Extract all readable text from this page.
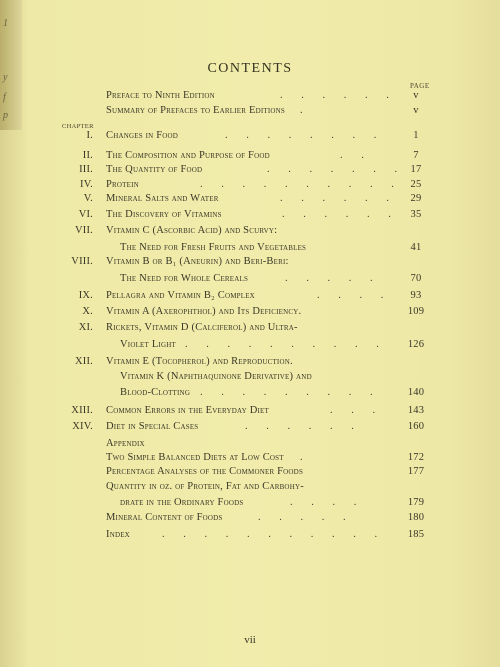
1
y
f
p
CONTENTS
PAGE
CHAPTER
Preface to Ninth Edition	. . . . . .	v
Summary of Prefaces to Earlier Editions .	v
I. Changes in Food	. . . . . . . .	1
II. The Composition and Purpose of Food	. .	7
III. The Quantity of Food	. . . . . . . 17
IV. Protein	. . . . . . . . . . 25
V. Mineral Salts and Water	. . . . . .	29
VI. The Discovery of Vitamins	. . . . . .	35
VII. Vitamin C (Ascorbic Acid) and Scurvy:
The Need for Fresh Fruits and Vegetables	41
VIII. Vitamin B or B₁ (Aneurin) and Beri-Beri:
The Need for Whole Cereals	. . . . .	70
IX. Pellagra and Vitamin B₂ Complex	. . . .	93
X. Vitamin A (Axerophthol) and Its Deficiency.	109
XI. Rickets, Vitamin D (Calciferol) and Ultra-
Violet Light . . . . . . . . . .	126
XII. Vitamin E (Tocopherol) and Reproduction.
Vitamin K (Naphthaquinone Derivative) and
Blood-Clotting . . . . . . . . .	140
XIII. Common Errors in the Everyday Diet	. . .	143
XIV. Diet in Special Cases	. . . . . .	160
Appendix
Two Simple Balanced Diets at Low Cost .	172
Percentage Analyses of the Commoner Foods	177
Quantity in oz. of Protein, Fat and Carbohy-
drate in the Ordinary Foods	. . . .	179
Mineral Content of Foods	. . . . .	180
Index	. . . . . . . . . . .	185
vii
